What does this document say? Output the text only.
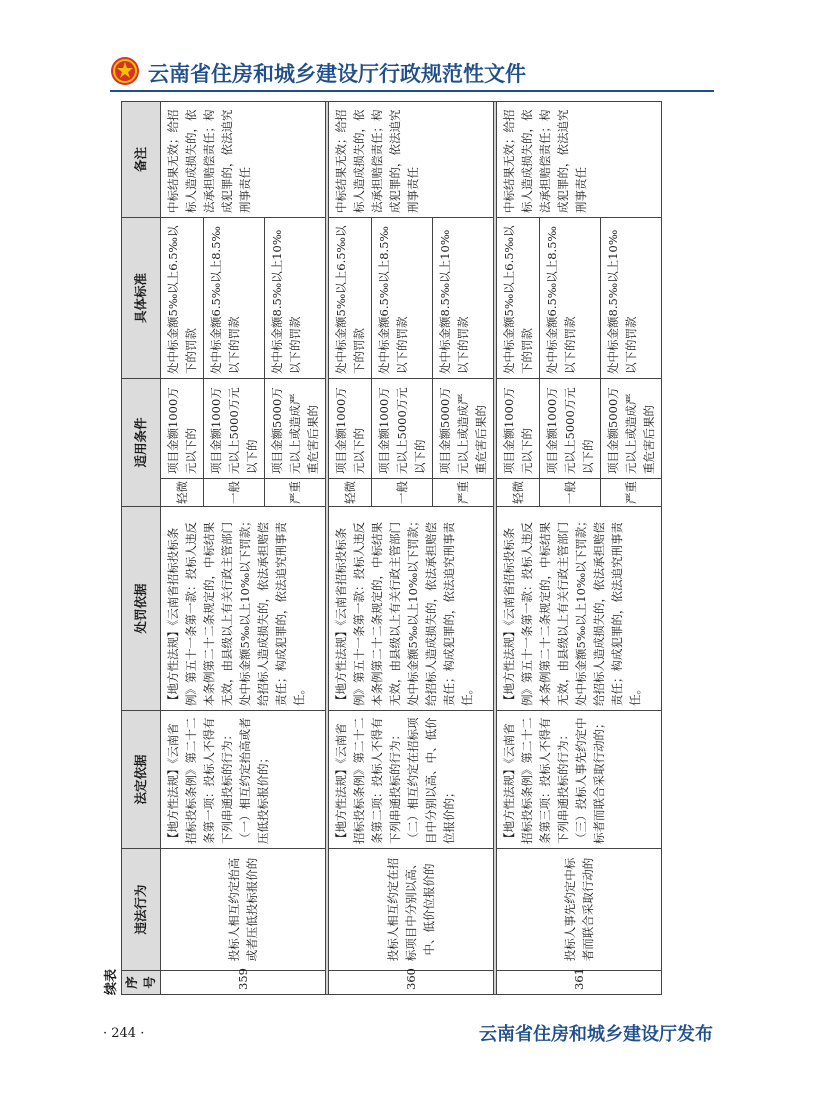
云南省住房和城乡建设厅行政规范性文件
续表 序号	违法行为	法定依据	处罚依据	适用条件		具体标准	备注
359	投标人相互约定抬高或者压低投标报价的	【地方性法规】《云南省招标投标条例》第二十二条第一项：投标人不得有下列串通投标的行为：（一）相互约定抬高或者压低投标报价的；	【地方性法规】《云南省招标投标条例》第五十一条第一款：投标人违反本条例第二十二条规定的，中标结果无效，由县级以上有关行政主管部门处中标金额5‰以上10‰以下罚款；给招标人造成损失的，依法承担赔偿责任；构成犯罪的，依法追究刑事责任。	轻微	项目金额1000万元以下的	处中标金额5‰以上6.5‰以下的罚款	中标结果无效；给招标人造成损失的，依法承担赔偿责任；构成犯罪的，依法追究刑事责任
				一般	项目金额1000万元以上5000万元以下的	处中标金额6.5‰以上8.5‰以下的罚款	
				严重	项目金额5000万元以上或造成严重危害后果的	处中标金额8.5‰以上10‰以下的罚款	

360	投标人相互约定在招标项目中分别以高、中、低价位报价的	【地方性法规】《云南省招标投标条例》第二十二条第二项：投标人不得有下列串通投标的行为：（二）相互约定在招标项目中分别以高、中、低价位报价的；	【地方性法规】《云南省招标投标条例》第五十一条第一款：投标人违反本条例第二十二条规定的，中标结果无效，由县级以上有关行政主管部门处中标金额5‰以上10‰以下罚款；给招标人造成损失的，依法承担赔偿责任；构成犯罪的，依法追究刑事责任。	轻微	项目金额1000万元以下的	处中标金额5‰以上6.5‰以下的罚款	中标结果无效；给招标人造成损失的，依法承担赔偿责任；构成犯罪的，依法追究刑事责任
				一般	项目金额1000万元以上5000万元以下的	处中标金额6.5‰以上8.5‰以下的罚款	
				严重	项目金额5000万元以上或造成严重危害后果的	处中标金额8.5‰以上10‰以下的罚款	

361	投标人事先约定中标者而联合采取行动的	【地方性法规】《云南省招标投标条例》第二十二条第三项：投标人不得有下列串通投标的行为：（三）投标人事先约定中标者而联合采取行动的；	【地方性法规】《云南省招标投标条例》第五十一条第一款：投标人违反本条例第二十二条规定的，中标结果无效，由县级以上有关行政主管部门处中标金额5‰以上10‰以下罚款；给招标人造成损失的，依法承担赔偿责任；构成犯罪的，依法追究刑事责任。	轻微	项目金额1000万元以下的	处中标金额5‰以上6.5‰以下的罚款	中标结果无效；给招标人造成损失的，依法承担赔偿责任；构成犯罪的，依法追究刑事责任
				一般	项目金额1000万元以上5000万元以下的	处中标金额6.5‰以上8.5‰以下的罚款	
				严重	项目金额5000万元以上或造成严重危害后果的	处中标金额8.5‰以上10‰以下的罚款	
· 244 ·	云南省住房和城乡建设厅发布
